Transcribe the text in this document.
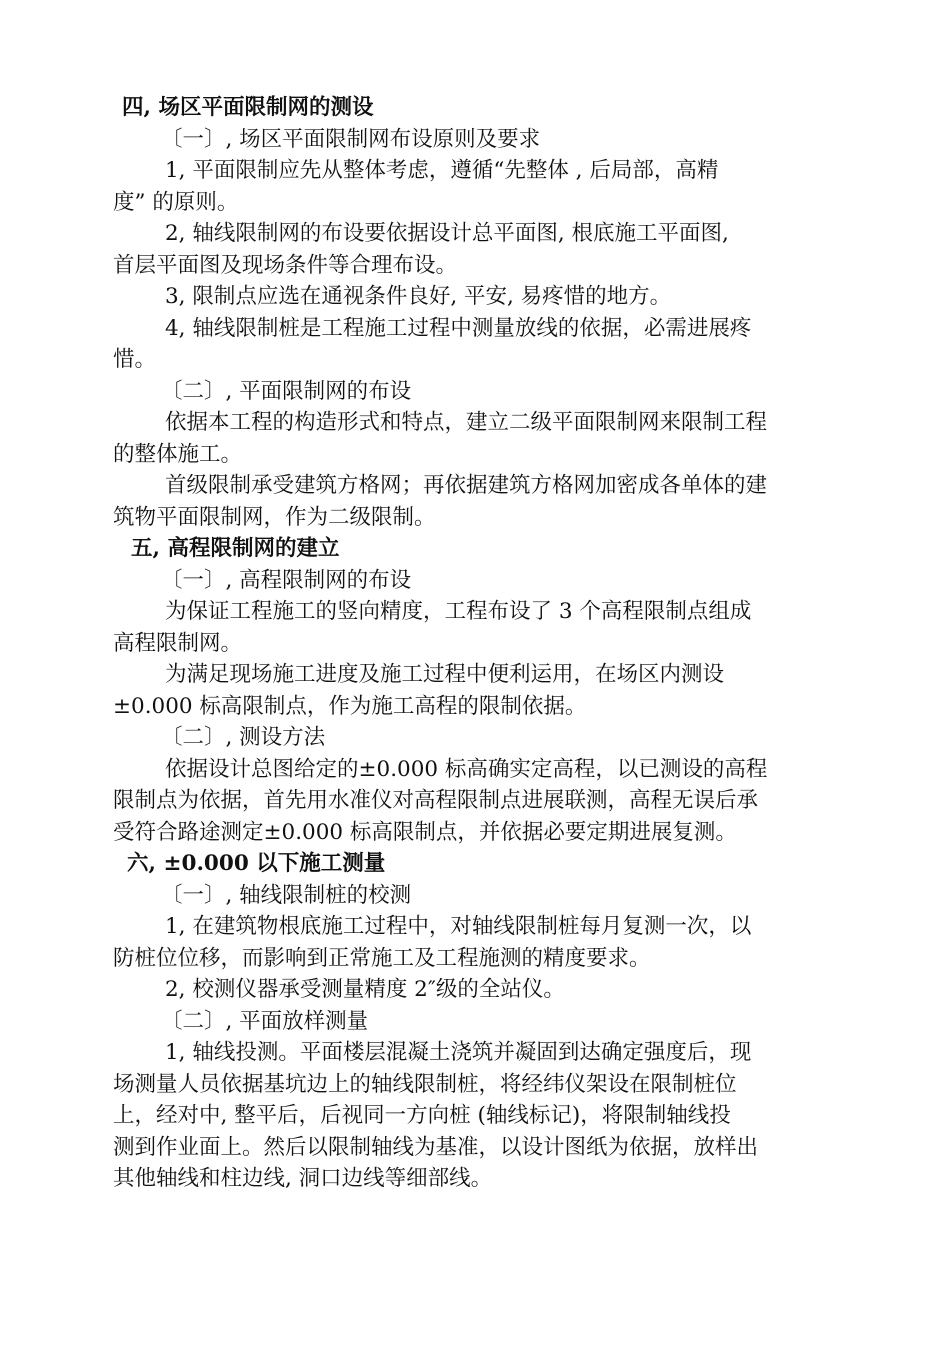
四, 场区平面限制网的测设
〔一〕, 场区平面限制网布设原则及要求
1, 平面限制应先从整体考虑，遵循“先整体 , 后局部，高精
度” 的原则。
2, 轴线限制网的布设要依据设计总平面图, 根底施工平面图,
首层平面图及现场条件等合理布设。
3, 限制点应选在通视条件良好, 平安, 易疼惜的地方。
4, 轴线限制桩是工程施工过程中测量放线的依据，必需进展疼
惜。
〔二〕, 平面限制网的布设
依据本工程的构造形式和特点，建立二级平面限制网来限制工程
的整体施工。
首级限制承受建筑方格网；再依据建筑方格网加密成各单体的建
筑物平面限制网，作为二级限制。
五, 高程限制网的建立
〔一〕, 高程限制网的布设
为保证工程施工的竖向精度，工程布设了 3 个高程限制点组成
高程限制网。
为满足现场施工进度及施工过程中便利运用，在场区内测设
±0.000 标高限制点，作为施工高程的限制依据。
〔二〕, 测设方法
依据设计总图给定的±0.000 标高确实定高程，以已测设的高程
限制点为依据，首先用水准仪对高程限制点进展联测，高程无误后承
受符合路途测定±0.000 标高限制点，并依据必要定期进展复测。
六, ±0.000 以下施工测量
〔一〕, 轴线限制桩的校测
1, 在建筑物根底施工过程中，对轴线限制桩每月复测一次，以
防桩位位移，而影响到正常施工及工程施测的精度要求。
2, 校测仪器承受测量精度 2″级的全站仪。
〔二〕, 平面放样测量
1, 轴线投测。平面楼层混凝土浇筑并凝固到达确定强度后，现
场测量人员依据基坑边上的轴线限制桩，将经纬仪架设在限制桩位
上，经对中, 整平后，后视同一方向桩 (轴线标记)，将限制轴线投
测到作业面上。然后以限制轴线为基准，以设计图纸为依据，放样出
其他轴线和柱边线, 洞口边线等细部线。
